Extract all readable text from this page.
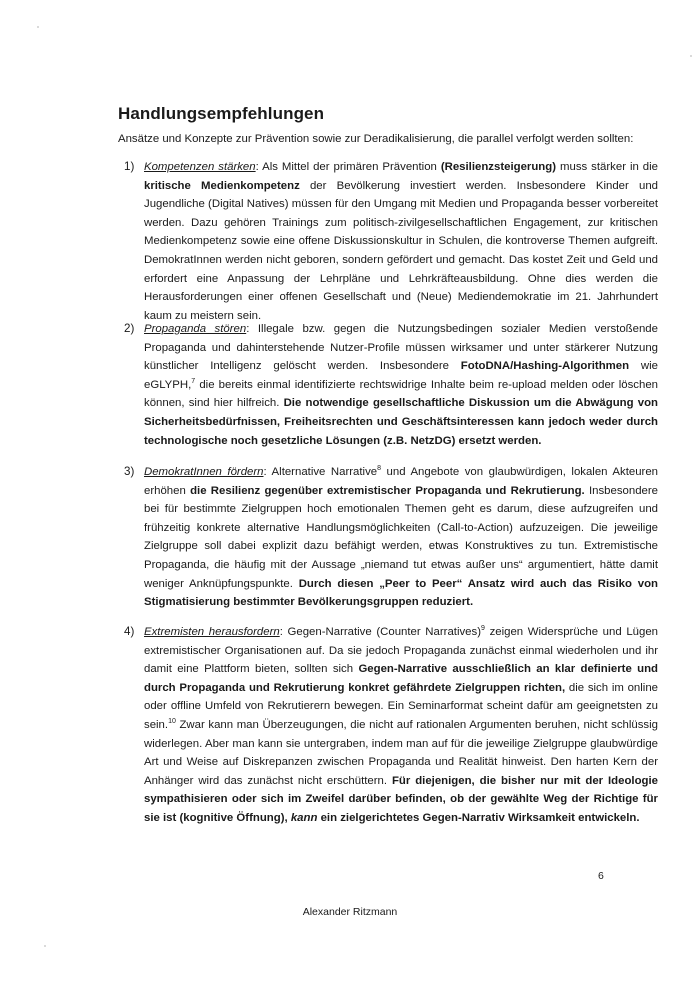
Handlungsempfehlungen

Ansätze und Konzepte zur Prävention sowie zur Deradikalisierung, die parallel verfolgt werden sollten:

1) Kompetenzen stärken: Als Mittel der primären Prävention (Resilienzsteigerung) muss stärker in die kritische Medienkompetenz der Bevölkerung investiert werden. Insbesondere Kinder und Jugendliche (Digital Natives) müssen für den Umgang mit Medien und Propaganda besser vorbereitet werden. Dazu gehören Trainings zum politisch-zivilgesellschaftlichen Engagement, zur kritischen Medienkompetenz sowie eine offene Diskussionskultur in Schulen, die kontroverse Themen aufgreift. DemokratInnen werden nicht geboren, sondern gefördert und gemacht. Das kostet Zeit und Geld und erfordert eine Anpassung der Lehrpläne und Lehrkräfteausbildung. Ohne dies werden die Herausforderungen einer offenen Gesellschaft und (Neue) Mediendemokratie im 21. Jahrhundert kaum zu meistern sein.

2) Propaganda stören: Illegale bzw. gegen die Nutzungsbedingen sozialer Medien verstoßende Propaganda und dahinterstehende Nutzer-Profile müssen wirksamer und unter stärkerer Nutzung künstlicher Intelligenz gelöscht werden. Insbesondere FotoDNA/Hashing-Algorithmen wie eGLYPH,$^7$ die bereits einmal identifizierte rechtswidrige Inhalte beim re-upload melden oder löschen können, sind hier hilfreich. Die notwendige gesellschaftliche Diskussion um die Abwägung von Sicherheitsbedürfnissen, Freiheitsrechten und Geschäftsinteressen kann jedoch weder durch technologische noch gesetzliche Lösungen (z.B. NetzDG) ersetzt werden.

3) DemokratInnen fördern: Alternative Narrative$^8$ und Angebote von glaubwürdigen, lokalen Akteuren erhöhen die Resilienz gegenüber extremistischer Propaganda und Rekrutierung. Insbesondere bei für bestimmte Zielgruppen hoch emotionalen Themen geht es darum, diese aufzugreifen und frühzeitig konkrete alternative Handlungsmöglichkeiten (Call-to-Action) aufzuzeigen. Die jeweilige Zielgruppe soll dabei explizit dazu befähigt werden, etwas Konstruktives zu tun. Extremistische Propaganda, die häufig mit der Aussage „niemand tut etwas außer uns“ argumentiert, hätte damit weniger Anknüpfungspunkte. Durch diesen „Peer to Peer“ Ansatz wird auch das Risiko von Stigmatisierung bestimmter Bevölkerungsgruppen reduziert.

4) Extremisten herausfordern: Gegen-Narrative (Counter Narratives)$^9$ zeigen Widersprüche und Lügen extremistischer Organisationen auf. Da sie jedoch Propaganda zunächst einmal wiederholen und ihr damit eine Plattform bieten, sollten sich Gegen-Narrative ausschließlich an klar definierte und durch Propaganda und Rekrutierung konkret gefährdete Zielgruppen richten, die sich im online oder offline Umfeld von Rekrutierern bewegen. Ein Seminarformat scheint dafür am geeignetsten zu sein.$^{10}$ Zwar kann man Überzeugungen, die nicht auf rationalen Argumenten beruhen, nicht schlüssig widerlegen. Aber man kann sie untergraben, indem man auf für die jeweilige Zielgruppe glaubwürdige Art und Weise auf Diskrepanzen zwischen Propaganda und Realität hinweist. Den harten Kern der Anhänger wird das zunächst nicht erschüttern. Für diejenigen, die bisher nur mit der Ideologie sympathisieren oder sich im Zweifel darüber befinden, ob der gewählte Weg der Richtige für sie ist (kognitive Öffnung), kann ein zielgerichtetes Gegen-Narrativ Wirksamkeit entwickeln.

6
Alexander Ritzmann
